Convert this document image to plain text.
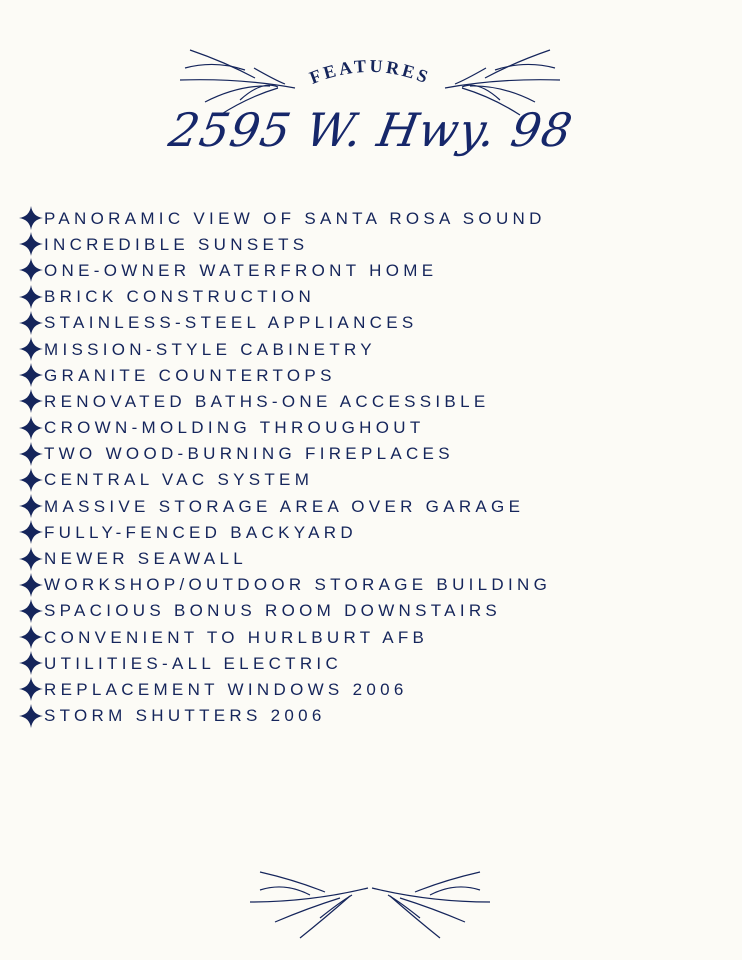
FEATURES
2595 W. Hwy. 98
PANORAMIC VIEW OF SANTA ROSA SOUND
INCREDIBLE SUNSETS
ONE-OWNER WATERFRONT HOME
BRICK CONSTRUCTION
STAINLESS-STEEL APPLIANCES
MISSION-STYLE CABINETRY
GRANITE COUNTERTOPS
RENOVATED BATHS-ONE ACCESSIBLE
CROWN-MOLDING THROUGHOUT
TWO WOOD-BURNING FIREPLACES
CENTRAL VAC SYSTEM
MASSIVE STORAGE AREA OVER GARAGE
FULLY-FENCED BACKYARD
NEWER SEAWALL
WORKSHOP/OUTDOOR STORAGE BUILDING
SPACIOUS BONUS ROOM DOWNSTAIRS
CONVENIENT TO HURLBURT AFB
UTILITIES-ALL ELECTRIC
REPLACEMENT WINDOWS 2006
STORM SHUTTERS 2006
